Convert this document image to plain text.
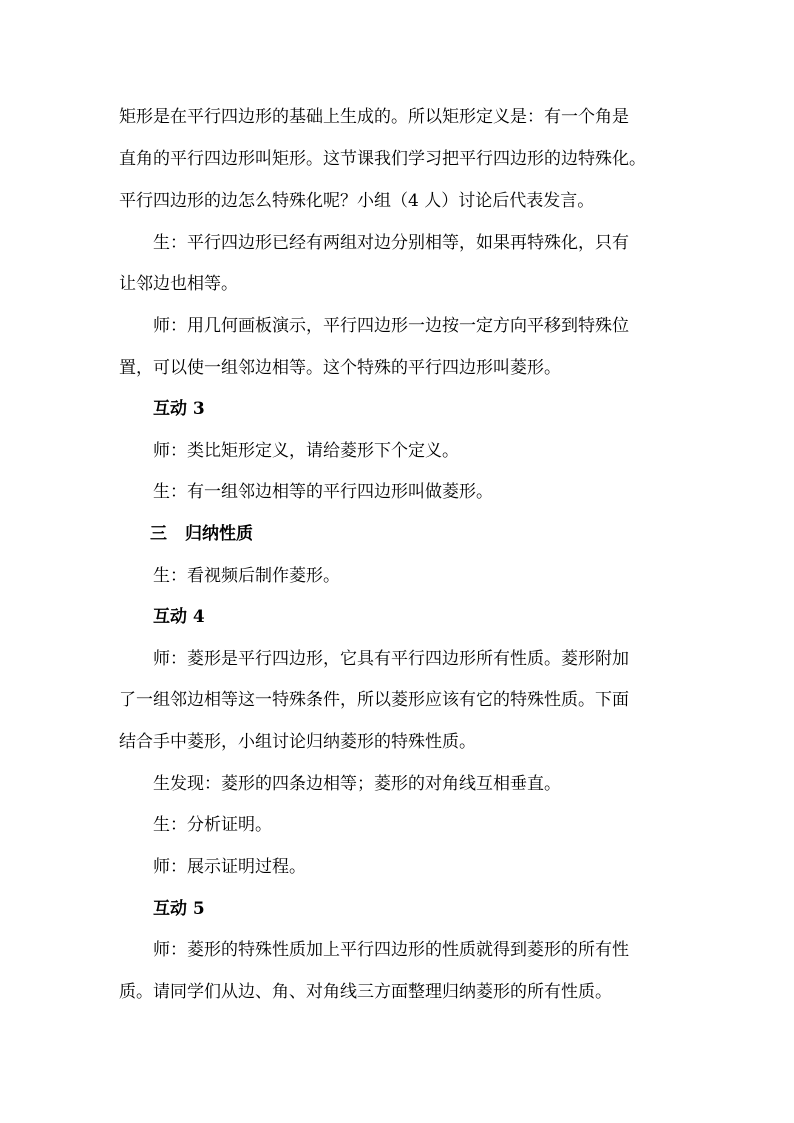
矩形是在平行四边形的基础上生成的。所以矩形定义是：有一个角是
直角的平行四边形叫矩形。这节课我们学习把平行四边形的边特殊化。
平行四边形的边怎么特殊化呢？小组（4 人）讨论后代表发言。
生：平行四边形已经有两组对边分别相等，如果再特殊化，只有
让邻边也相等。
师：用几何画板演示，平行四边形一边按一定方向平移到特殊位
置，可以使一组邻边相等。这个特殊的平行四边形叫菱形。
互动 3
师：类比矩形定义，请给菱形下个定义。
生：有一组邻边相等的平行四边形叫做菱形。
三 归纳性质
生：看视频后制作菱形。
互动 4
师：菱形是平行四边形，它具有平行四边形所有性质。菱形附加
了一组邻边相等这一特殊条件，所以菱形应该有它的特殊性质。下面
结合手中菱形，小组讨论归纳菱形的特殊性质。
生发现：菱形的四条边相等；菱形的对角线互相垂直。
生：分析证明。
师：展示证明过程。
互动 5
师：菱形的特殊性质加上平行四边形的性质就得到菱形的所有性
质。请同学们从边、角、对角线三方面整理归纳菱形的所有性质。
